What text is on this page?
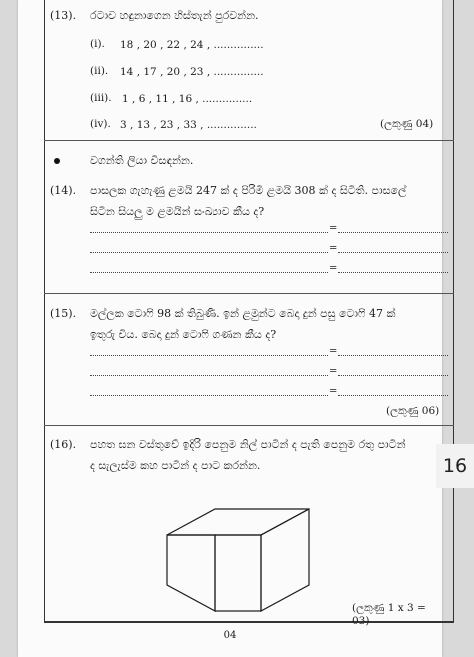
(13). රටාව හඳුනාගෙන හිස්තැන් පුරවන්න.
(i). 18 , 20 , 22 , 24 , ...............
(ii). 14 , 17 , 20 , 23 , ...............
(iii). 1 , 6 , 11 , 16 , ...............
(iv). 3 , 13 , 23 , 33 , ...............	(ලකුණු 04)
වගන්ති ලියා විසඳන්න.
(14). පාසලක ගැහැණු ළමයි 247 ක් ද පිරිමි ළමයි 308 ක් ද සිටිති. පාසලේ
සිටින සියලු ම ළමයින් සංඛ්‍යාව කීය ද?
=
=
=
(15). මල්ලක ටොෆි 98 ක් තිබුණි. ඉන් ළමුන්ට බෙදා දුන් පසු ටොෆි 47 ක්
ඉතුරු විය. බෙදා දුන් ටොෆි ගණන කීය ද?
=
=
=
(ලකුණු 06)
(16). පහත ඝන වස්තුවේ ඉදිරි පෙනුම නිල් පාටින් ද පැති පෙනුම රතු පාටින්
ද සැලැස්ම කහ පාටින් ද පාට කරන්න.
(ලකුණු 1 x 3 = 03)
04
16
